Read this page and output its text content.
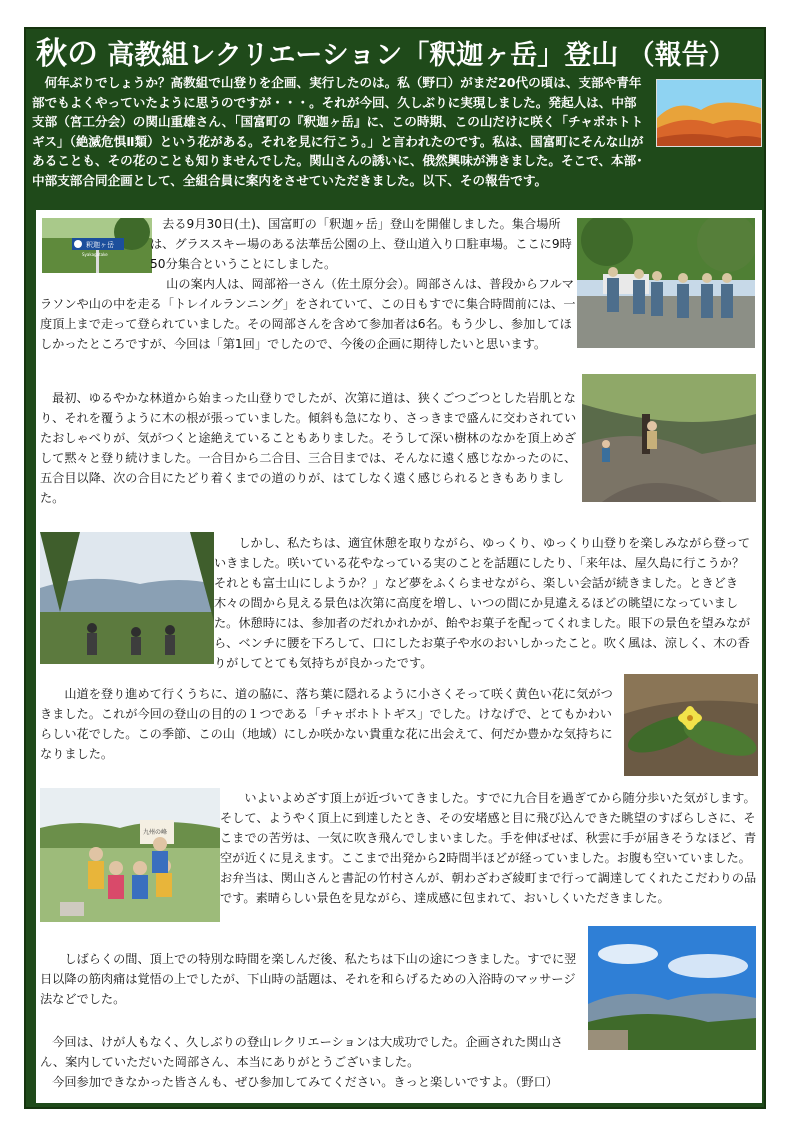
秋の 高教組レクリエーション「釈迦ヶ岳」登山 （報告）

何年ぶりでしょうか？高教組で山登りを企画、実行したのは。私（野口）がまだ20代の頃は、支部や青年部でもよくやっていたように思うのですが・・・。それが今回、久しぶりに実現しました。発起人は、中部支部（宮工分会）の関山重雄さん、「国富町の『釈迦ヶ岳』に、この時期、この山だけに咲く「チャボホトトギス」（絶滅危惧Ⅱ類）という花がある。それを見に行こう。」と言われたのです。私は、国富町にそんな山があることも、その花のことも知りませんでした。関山さんの誘いに、俄然興味が沸きました。そこで、本部･中部支部合同企画として、全組合員に案内をさせていただきました。以下、その報告です。

釈迦ヶ岳
Syakagatake

　去る9月30日(土)、国富町の「釈迦ヶ岳」登山を開催しました。集合場所は、グラススキー場のある法華岳公園の上、登山道入り口駐車場。ここに9時50分集合ということにしました。

　山の案内人は、岡部裕一さん（佐土原分会）。岡部さんは、普段からフルマラソンや山の中を走る「トレイルランニング」をされていて、この日もすでに集合時間前には、一度頂上まで走って登られていました。その岡部さんを含めて参加者は6名。もう少し、参加してほしかったところですが、今回は「第1回」でしたので、今後の企画に期待したいと思います。

　最初、ゆるやかな林道から始まった山登りでしたが、次第に道は、狭くごつごつとした岩肌となり、それを覆うように木の根が張っていました。傾斜も急になり、さっきまで盛んに交わされていたおしゃべりが、気がつくと途絶えていることもありました。そうして深い樹林のなかを頂上めざして黙々と登り続けました。一合目から二合目、三合目までは、そんなに遠く感じなかったのに、五合目以降、次の合目にたどり着くまでの道のりが、はてしなく遠く感じられるときもありました。

　しかし、私たちは、適宜休憩を取りながら、ゆっくり、ゆっくり山登りを楽しみながら登っていきました。咲いている花やなっている実のことを話題にしたり、「来年は、屋久島に行こうか？　それとも富士山にしようか？」など夢をふくらませながら、楽しい会話が続きました。ときどき木々の間から見える景色は次第に高度を増し、いつの間にか見違えるほどの眺望になっていました。休憩時には、参加者のだれかれかが、飴やお菓子を配ってくれました。眼下の景色を望みながら、ベンチに腰を下ろして、口にしたお菓子や水のおいしかったこと。吹く風は、涼しく、木の香りがしてとても気持ちが良かったです。

　山道を登り進めて行くうちに、道の脇に、落ち葉に隠れるように小さくそって咲く黄色い花に気がつきました。これが今回の登山の目的の１つである「チャボホトトギス」でした。けなげで、とてもかわいらしい花でした。この季節、この山（地域）にしか咲かない貴重な花に出会えて、何だか豊かな気持ちになりました。

九州の峰

　いよいよめざす頂上が近づいてきました。すでに九合目を過ぎてから随分歩いた気がします。そして、ようやく頂上に到達したとき、その安堵感と目に飛び込んできた眺望のすばらしさに、そこまでの苦労は、一気に吹き飛んでしまいました。手を伸ばせば、秋雲に手が届きそうなほど、青空が近くに見えます。ここまで出発から2時間半ほどが経っていました。お腹も空いていました。お弁当は、関山さんと書記の竹村さんが、朝わざわざ綾町まで行って調達してくれたこだわりの品です。素晴らしい景色を見ながら、達成感に包まれて、おいしくいただきました。

　しばらくの間、頂上での特別な時間を楽しんだ後、私たちは下山の途につきました。すでに翌日以降の筋肉痛は覚悟の上でしたが、下山時の話題は、それを和らげるための入浴時のマッサージ法などでした。

　今回は、けが人もなく、久しぶりの登山レクリエーションは大成功でした。企画された関山さん、案内していただいた岡部さん、本当にありがとうございました。

　今回参加できなかった皆さんも、ぜひ参加してみてください。きっと楽しいですよ。（野口）
